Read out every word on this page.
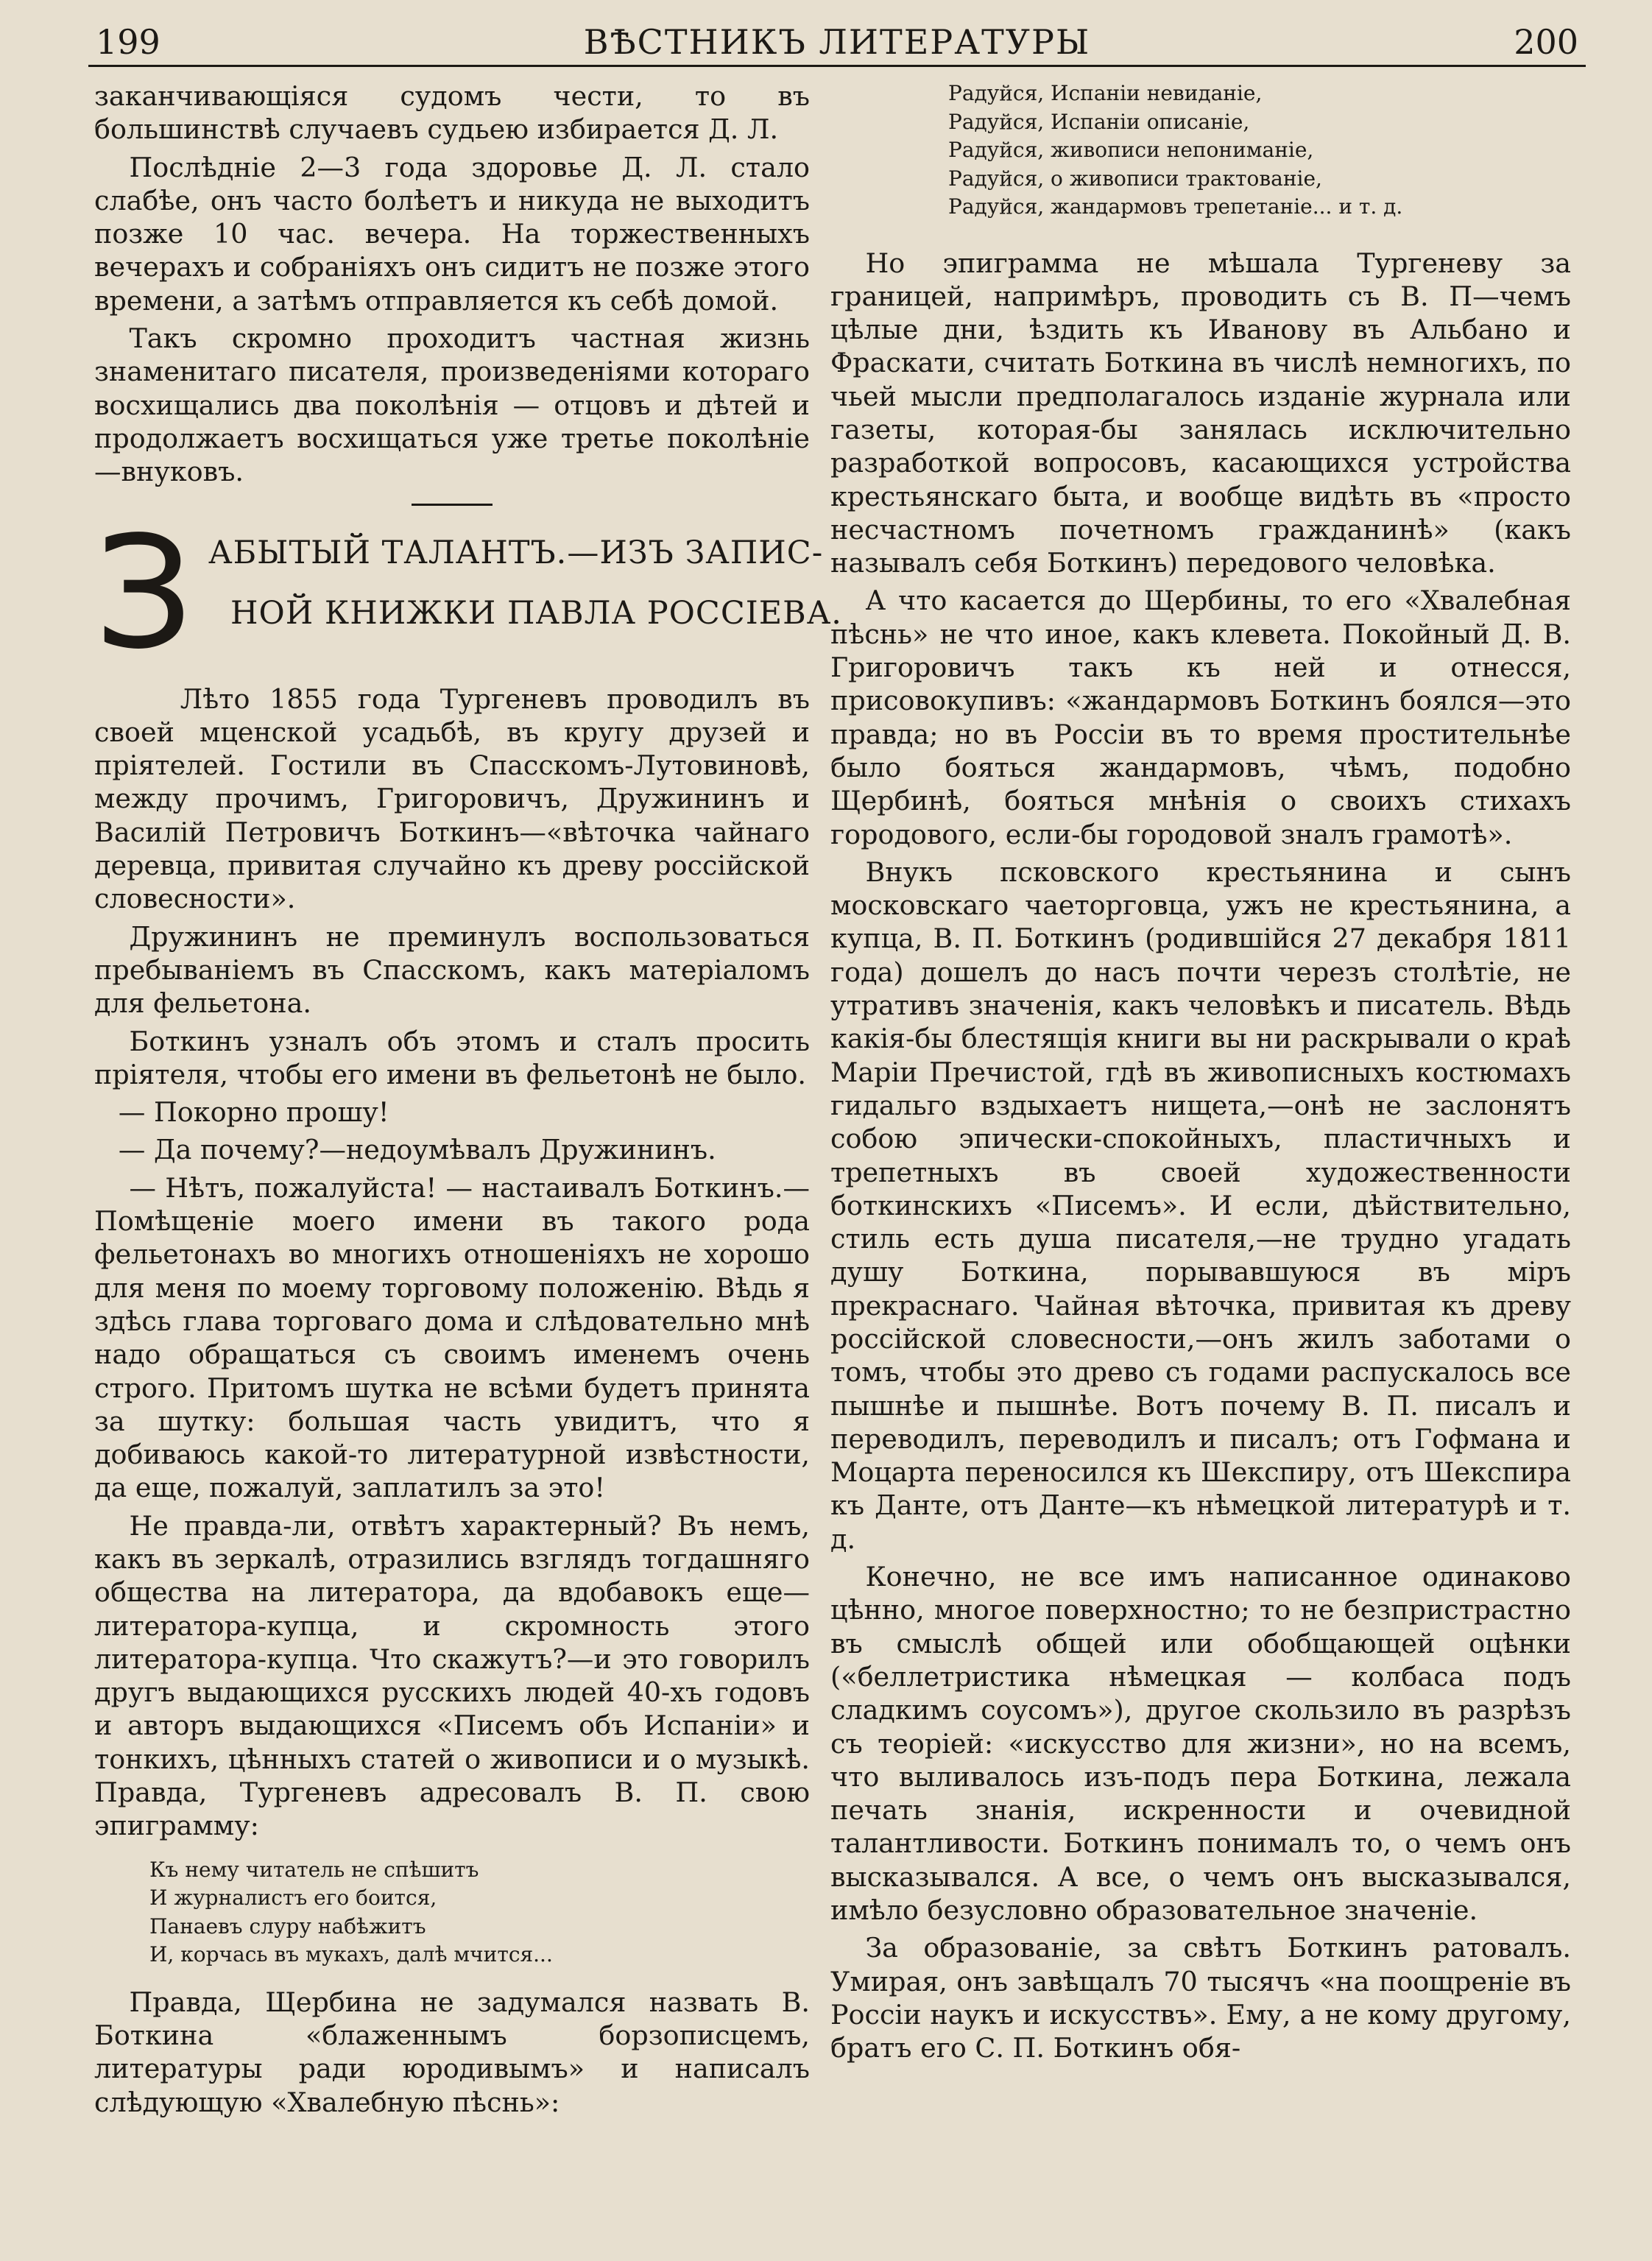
199	ВѢСТНИКЪ ЛИТЕРАТУРЫ	200

заканчивающіяся судомъ чести, то въ большинствѣ случаевъ судьею избирается Д. Л.

Послѣдніе 2—3 года здоровье Д. Л. стало слабѣе, онъ часто болѣетъ и никуда не выходитъ позже 10 час. вечера. На торжественныхъ вечерахъ и собраніяхъ онъ сидитъ не позже этого времени, а затѣмъ отправляется къ себѣ домой.

Такъ скромно проходитъ частная жизнь знаменитаго писателя, произведеніями котораго восхищались два поколѣнія — отцовъ и дѣтей и продолжаетъ восхищаться уже третье поколѣніе—внуковъ.

З АБЫТЫЙ ТАЛАНТЪ.—ИЗЪ ЗАПИС-
НОЙ КНИЖКИ ПАВЛА РОССІЕВА.

Лѣто 1855 года Тургеневъ проводилъ въ своей мценской усадьбѣ, въ кругу друзей и пріятелей. Гостили въ Спасскомъ-Лутовиновѣ, между прочимъ, Григоровичъ, Дружининъ и Василій Петровичъ Боткинъ—«вѣточка чайнаго деревца, привитая случайно къ древу россійской словесности».

Дружининъ не преминулъ воспользоваться пребываніемъ въ Спасскомъ, какъ матеріаломъ для фельетона.

Боткинъ узналъ объ этомъ и сталъ просить пріятеля, чтобы его имени въ фельетонѣ не было.

— Покорно прошу!

— Да почему?—недоумѣвалъ Дружининъ.

— Нѣтъ, пожалуйста! — настаивалъ Боткинъ.—Помѣщеніе моего имени въ такого рода фельетонахъ во многихъ отношеніяхъ не хорошо для меня по моему торговому положенію. Вѣдь я здѣсь глава торговаго дома и слѣдовательно мнѣ надо обращаться съ своимъ именемъ очень строго. Притомъ шутка не всѣми будетъ принята за шутку: большая часть увидитъ, что я добиваюсь какой-то литературной извѣстности, да еще, пожалуй, заплатилъ за это!

Не правда-ли, отвѣтъ характерный? Въ немъ, какъ въ зеркалѣ, отразились взглядъ тогдашняго общества на литератора, да вдобавокъ еще—литератора-купца, и скромность этого литератора-купца. Что скажутъ?—и это говорилъ другъ выдающихся русскихъ людей 40-хъ годовъ и авторъ выдающихся «Писемъ объ Испаніи» и тонкихъ, цѣнныхъ статей о живописи и о музыкѣ. Правда, Тургеневъ адресовалъ В. П. свою эпиграмму:

Къ нему читатель не спѣшитъ
И журналистъ его боится,
Панаевъ слуру набѣжитъ
И, корчась въ мукахъ, далѣ мчится...

Правда, Щербина не задумался назвать В. Боткина «блаженнымъ борзописцемъ, литературы ради юродивымъ» и написалъ слѣдующую «Хвалебную пѣснь»:

Радуйся, Испаніи невиданіе,
Радуйся, Испаніи описаніе,
Радуйся, живописи непониманіе,
Радуйся, о живописи трактованіе,
Радуйся, жандармовъ трепетаніе... и т. д.

Но эпиграмма не мѣшала Тургеневу за границей, напримѣръ, проводить съ В. П—чемъ цѣлые дни, ѣздить къ Иванову въ Альбано и Фраскати, считать Боткина въ числѣ немногихъ, по чьей мысли предполагалось изданіе журнала или газеты, которая-бы занялась исключительно разработкой вопросовъ, касающихся устройства крестьянскаго быта, и вообще видѣть въ «просто несчастномъ почетномъ гражданинѣ» (какъ называлъ себя Боткинъ) передового человѣка.

А что касается до Щербины, то его «Хвалебная пѣснь» не что иное, какъ клевета. Покойный Д. В. Григоровичъ такъ къ ней и отнесся, присовокупивъ: «жандармовъ Боткинъ боялся—это правда; но въ Россіи въ то время простительнѣе было бояться жандармовъ, чѣмъ, подобно Щербинѣ, бояться мнѣнія о своихъ стихахъ городового, если-бы городовой зналъ грамотѣ».

Внукъ псковского крестьянина и сынъ московскаго чаеторговца, ужъ не крестьянина, а купца, В. П. Боткинъ (родившійся 27 декабря 1811 года) дошелъ до насъ почти черезъ столѣтіе, не утративъ значенія, какъ человѣкъ и писатель. Вѣдь какія-бы блестящія книги вы ни раскрывали о краѣ Маріи Пречистой, гдѣ въ живописныхъ костюмахъ гидальго вздыхаетъ нищета,—онѣ не заслонятъ собою эпически-спокойныхъ, пластичныхъ и трепетныхъ въ своей художественности боткинскихъ «Писемъ». И если, дѣйствительно, стиль есть душа писателя,—не трудно угадать душу Боткина, порывавшуюся въ міръ прекраснаго. Чайная вѣточка, привитая къ древу россійской словесности,—онъ жилъ заботами о томъ, чтобы это древо съ годами распускалось все пышнѣе и пышнѣе. Вотъ почему В. П. писалъ и переводилъ, переводилъ и писалъ; отъ Гофмана и Моцарта переносился къ Шекспиру, отъ Шекспира къ Данте, отъ Данте—къ нѣмецкой литературѣ и т. д.

Конечно, не все имъ написанное одинаково цѣнно, многое поверхностно; то не безпристрастно въ смыслѣ общей или обобщающей оцѣнки («беллетристика нѣмецкая — колбаса подъ сладкимъ соусомъ»), другое скользило въ разрѣзъ съ теоріей: «искусство для жизни», но на всемъ, что выливалось изъ-подъ пера Боткина, лежала печать знанія, искренности и очевидной талантливости. Боткинъ понималъ то, о чемъ онъ высказывался. А все, о чемъ онъ высказывался, имѣло безусловно образовательное значеніе.

За образованіе, за свѣтъ Боткинъ ратовалъ. Умирая, онъ завѣщалъ 70 тысячъ «на поощреніе въ Россіи наукъ и искусствъ». Ему, а не кому другому, братъ его С. П. Боткинъ обя-
